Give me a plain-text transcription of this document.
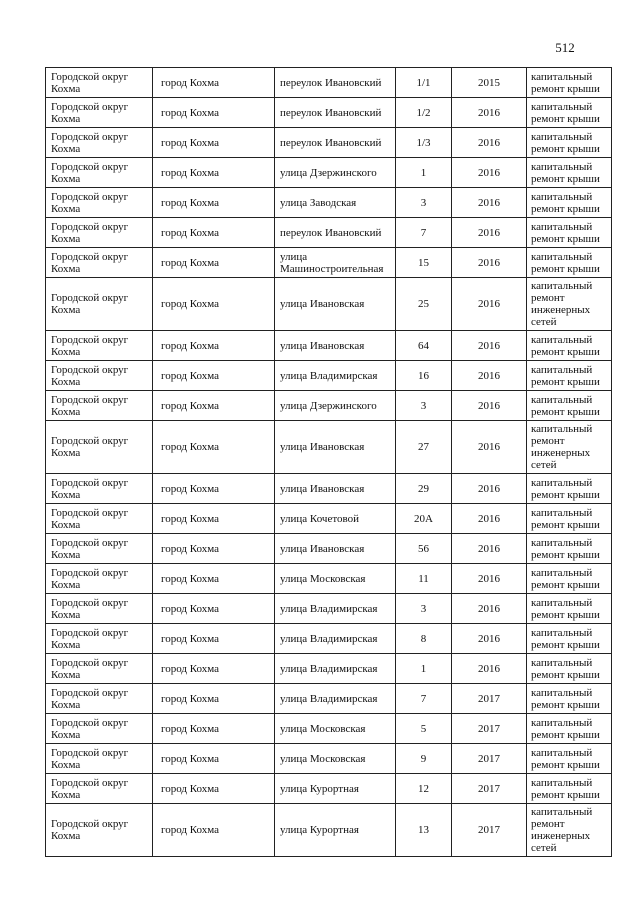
512
Городской округ Кохма	город Кохма	переулок Ивановский	1/1	2015	капитальный ремонт крыши
Городской округ Кохма	город Кохма	переулок Ивановский	1/2	2016	капитальный ремонт крыши
Городской округ Кохма	город Кохма	переулок Ивановский	1/3	2016	капитальный ремонт крыши
Городской округ Кохма	город Кохма	улица Дзержинского	1	2016	капитальный ремонт крыши
Городской округ Кохма	город Кохма	улица Заводская	3	2016	капитальный ремонт крыши
Городской округ Кохма	город Кохма	переулок Ивановский	7	2016	капитальный ремонт крыши
Городской округ Кохма	город Кохма	улица Машиностроительная	15	2016	капитальный ремонт крыши
Городской округ Кохма	город Кохма	улица Ивановская	25	2016	капитальный ремонт инженерных сетей
Городской округ Кохма	город Кохма	улица Ивановская	64	2016	капитальный ремонт крыши
Городской округ Кохма	город Кохма	улица Владимирская	16	2016	капитальный ремонт крыши
Городской округ Кохма	город Кохма	улица Дзержинского	3	2016	капитальный ремонт крыши
Городской округ Кохма	город Кохма	улица Ивановская	27	2016	капитальный ремонт инженерных сетей
Городской округ Кохма	город Кохма	улица Ивановская	29	2016	капитальный ремонт крыши
Городской округ Кохма	город Кохма	улица Кочетовой	20А	2016	капитальный ремонт крыши
Городской округ Кохма	город Кохма	улица Ивановская	56	2016	капитальный ремонт крыши
Городской округ Кохма	город Кохма	улица Московская	11	2016	капитальный ремонт крыши
Городской округ Кохма	город Кохма	улица Владимирская	3	2016	капитальный ремонт крыши
Городской округ Кохма	город Кохма	улица Владимирская	8	2016	капитальный ремонт крыши
Городской округ Кохма	город Кохма	улица Владимирская	1	2016	капитальный ремонт крыши
Городской округ Кохма	город Кохма	улица Владимирская	7	2017	капитальный ремонт крыши
Городской округ Кохма	город Кохма	улица Московская	5	2017	капитальный ремонт крыши
Городской округ Кохма	город Кохма	улица Московская	9	2017	капитальный ремонт крыши
Городской округ Кохма	город Кохма	улица Курортная	12	2017	капитальный ремонт крыши
Городской округ Кохма	город Кохма	улица Курортная	13	2017	капитальный ремонт инженерных сетей
